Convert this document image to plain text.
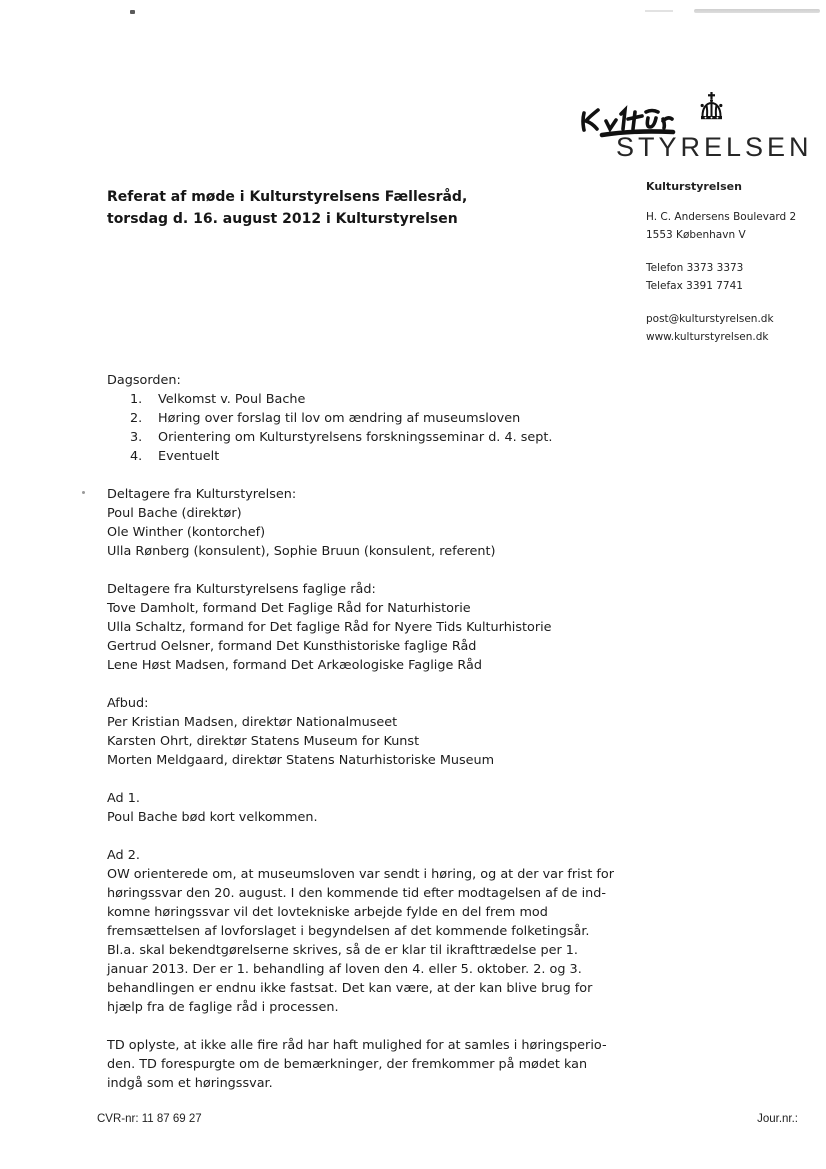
STYRELSEN
Referat af møde i Kulturstyrelsens Fællesråd,
torsdag d. 16. august 2012 i Kulturstyrelsen
Kulturstyrelsen
H. C. Andersens Boulevard 2
1553 København V
Telefon 3373 3373
Telefax 3391 7741
post@kulturstyrelsen.dk
www.kulturstyrelsen.dk
Dagsorden:
1.	Velkomst v. Poul Bache
2.	Høring over forslag til lov om ændring af museumsloven
3.	Orientering om Kulturstyrelsens forskningsseminar d. 4. sept.
4.	Eventuelt
Deltagere fra Kulturstyrelsen:
Poul Bache (direktør)
Ole Winther (kontorchef)
Ulla Rønberg (konsulent), Sophie Bruun (konsulent, referent)
Deltagere fra Kulturstyrelsens faglige råd:
Tove Damholt, formand Det Faglige Råd for Naturhistorie
Ulla Schaltz, formand for Det faglige Råd for Nyere Tids Kulturhistorie
Gertrud Oelsner, formand Det Kunsthistoriske faglige Råd
Lene Høst Madsen, formand Det Arkæologiske Faglige Råd
Afbud:
Per Kristian Madsen, direktør Nationalmuseet
Karsten Ohrt, direktør Statens Museum for Kunst
Morten Meldgaard, direktør Statens Naturhistoriske Museum
Ad 1.
Poul Bache bød kort velkommen.
Ad 2.
OW orienterede om, at museumsloven var sendt i høring, og at der var frist for
høringssvar den 20. august. I den kommende tid efter modtagelsen af de ind-
komne høringssvar vil det lovtekniske arbejde fylde en del frem mod
fremsættelsen af lovforslaget i begyndelsen af det kommende folketingsår.
Bl.a. skal bekendtgørelserne skrives, så de er klar til ikrafttrædelse per 1.
januar 2013. Der er 1. behandling af loven den 4. eller 5. oktober. 2. og 3.
behandlingen er endnu ikke fastsat. Det kan være, at der kan blive brug for
hjælp fra de faglige råd i processen.
TD oplyste, at ikke alle fire råd har haft mulighed for at samles i høringsperio-
den. TD forespurgte om de bemærkninger, der fremkommer på mødet kan
indgå som et høringssvar.
CVR-nr: 11 87 69 27	Jour.nr.:
